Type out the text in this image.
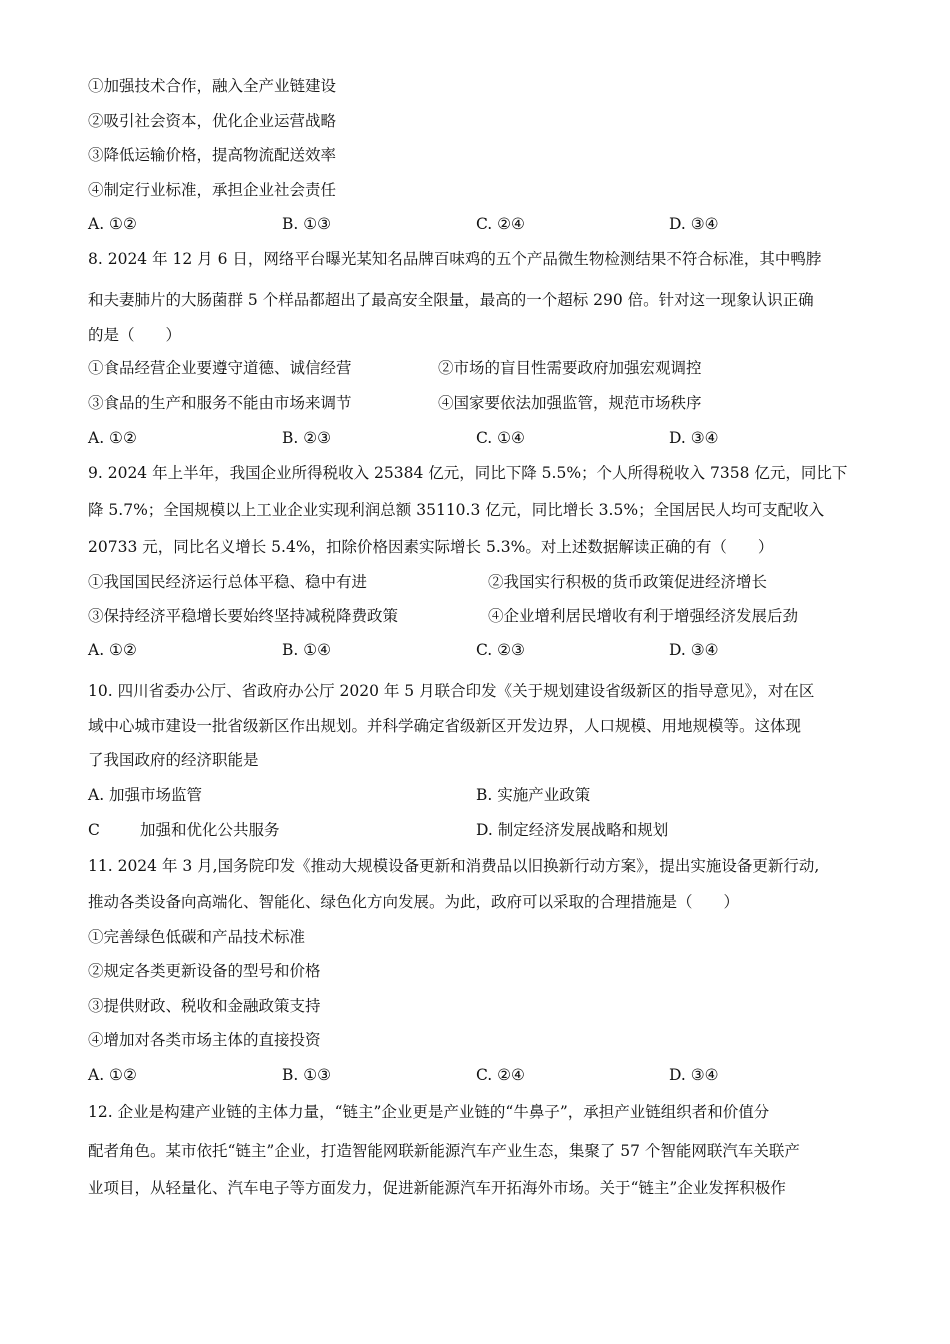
①加强技术合作，融入全产业链建设
②吸引社会资本，优化企业运营战略
③降低运输价格，提高物流配送效率
④制定行业标准，承担企业社会责任
A. ①②	B. ①③	C. ②④	D. ③④
8. 2024 年 12 月 6 日，网络平台曝光某知名品牌百味鸡的五个产品微生物检测结果不符合标准，其中鸭脖
和夫妻肺片的大肠菌群 5 个样品都超出了最高安全限量，最高的一个超标 290 倍。针对这一现象认识正确
的是（　　）
①食品经营企业要遵守道德、诚信经营	②市场的盲目性需要政府加强宏观调控
③食品的生产和服务不能由市场来调节	④国家要依法加强监管，规范市场秩序
A. ①②	B. ②③	C. ①④	D. ③④
9. 2024 年上半年，我国企业所得税收入 25384 亿元，同比下降 5.5%；个人所得税收入 7358 亿元，同比下
降 5.7%；全国规模以上工业企业实现利润总额 35110.3 亿元，同比增长 3.5%；全国居民人均可支配收入
20733 元，同比名义增长 5.4%，扣除价格因素实际增长 5.3%。对上述数据解读正确的有（　　）
①我国国民经济运行总体平稳、稳中有进	②我国实行积极的货币政策促进经济增长
③保持经济平稳增长要始终坚持减税降费政策	④企业增利居民增收有利于增强经济发展后劲
A. ①②	B. ①④	C. ②③	D. ③④
10. 四川省委办公厅、省政府办公厅 2020 年 5 月联合印发《关于规划建设省级新区的指导意见》，对在区
域中心城市建设一批省级新区作出规划。并科学确定省级新区开发边界，人口规模、用地规模等。这体现
了我国政府的经济职能是
A. 加强市场监管	B. 实施产业政策
C	加强和优化公共服务	D. 制定经济发展战略和规划
11. 2024 年 3 月,国务院印发《推动大规模设备更新和消费品以旧换新行动方案》，提出实施设备更新行动,
推动各类设备向高端化、智能化、绿色化方向发展。为此，政府可以采取的合理措施是（　　）
①完善绿色低碳和产品技术标准
②规定各类更新设备的型号和价格
③提供财政、税收和金融政策支持
④增加对各类市场主体的直接投资
A. ①②	B. ①③	C. ②④	D. ③④
12. 企业是构建产业链的主体力量，“链主”企业更是产业链的“牛鼻子”，承担产业链组织者和价值分
配者角色。某市依托“链主”企业，打造智能网联新能源汽车产业生态，集聚了 57 个智能网联汽车关联产
业项目，从轻量化、汽车电子等方面发力，促进新能源汽车开拓海外市场。关于“链主”企业发挥积极作
